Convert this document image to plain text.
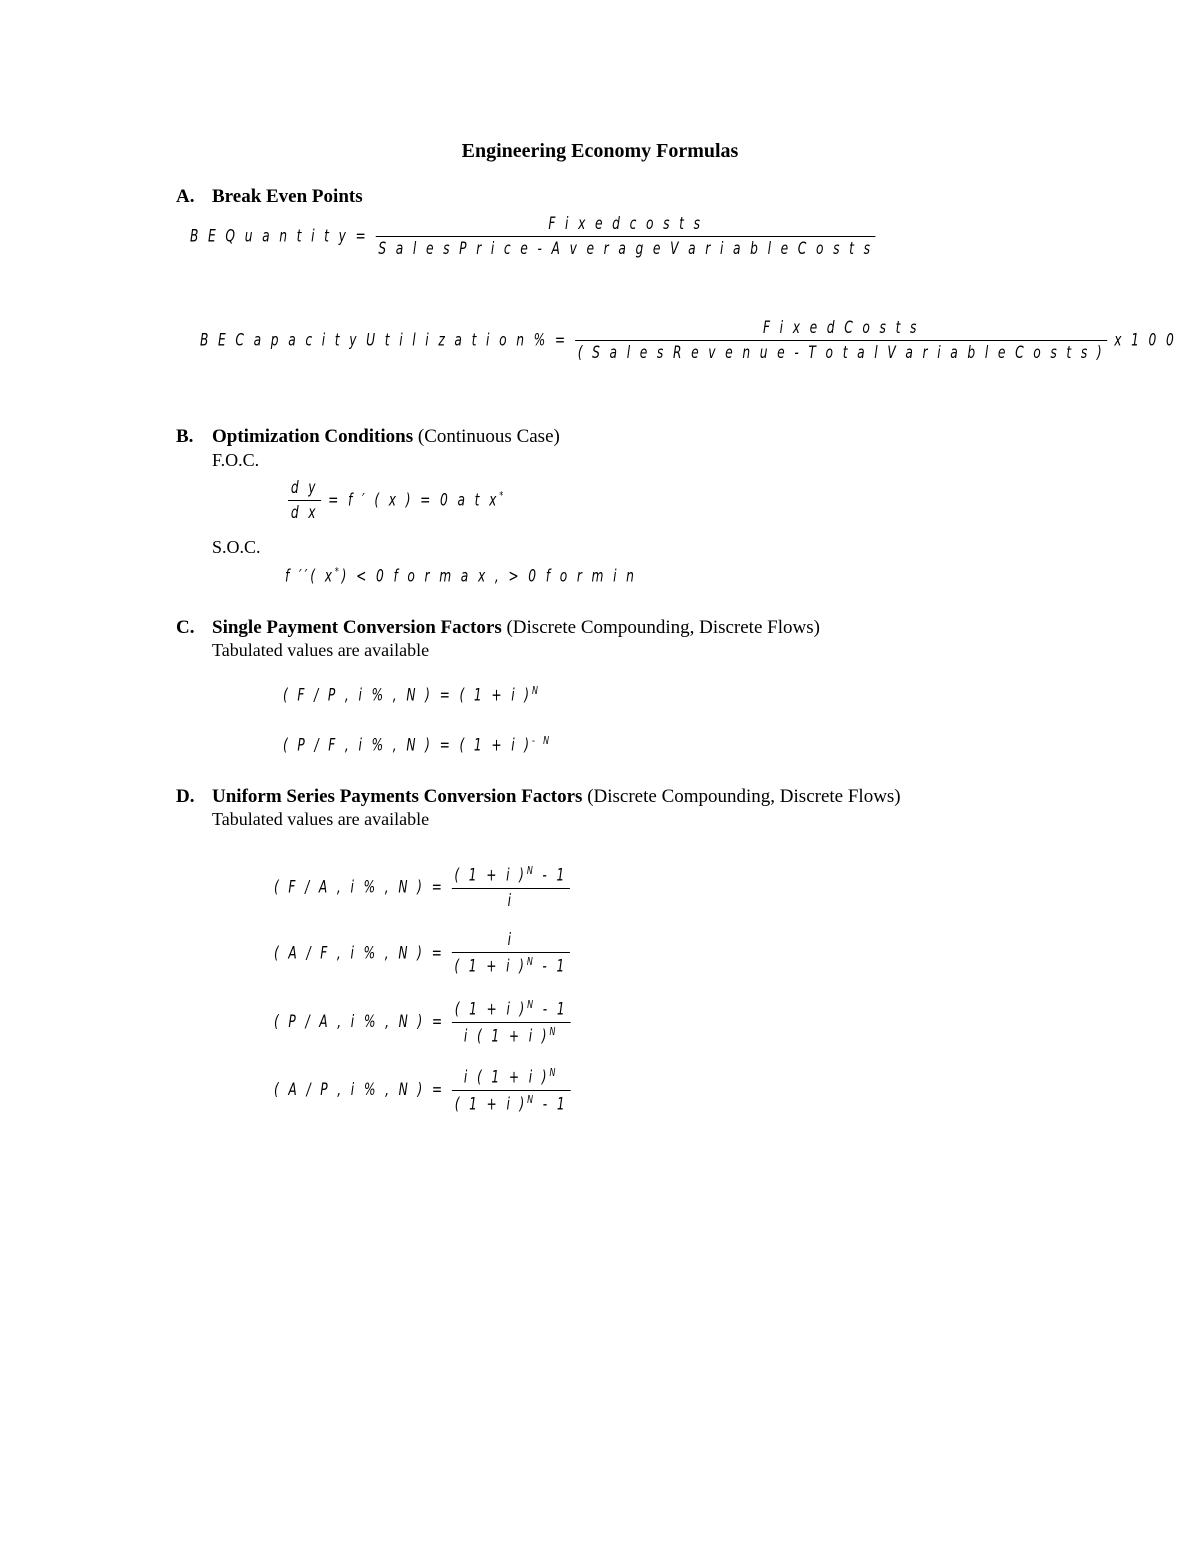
Engineering Economy Formulas
A. Break Even Points
B E Q u a n t i t y =
F i x e d c o s t s
S a l e s P r i c e - A v e r a g e V a r i a b l e C o s t s
B E C a p a c i t y U t i l i z a t i o n % =
F i x e d C o s t s
( S a l e s R e v e n u e - T o t a l V a r i a b l e C o s t s )
x 1 0 0
B. Optimization Conditions (Continuous Case)
F.O.C.
$\frac{\text{d y}}{\text{d x}} = f$ ′ ( x ) = 0 a t x*
S.O.C.
f ′′( x*) < 0 f o r m a x , > 0 f o r m i n
C. Single Payment Conversion Factors (Discrete Compounding, Discrete Flows)
Tabulated values are available
( F / P , i % , N ) = ( 1 + i )$^N$
( P / F , i % , N ) = ( 1 + i )$^{- N}$
D. Uniform Series Payments Conversion Factors (Discrete Compounding, Discrete Flows)
Tabulated values are available
( F / A , i % , N ) = $\frac{( 1 + i )^N - 1}{i}$
( A / F , i % , N ) = $\frac{i}{( 1 + i )^N - 1}$
( P / A , i % , N ) = $\frac{( 1 + i )^N - 1}{i ( 1 + i )^N}$
( A / P , i % , N ) = $\frac{i ( 1 + i )^N}{( 1 + i )^N - 1}$
